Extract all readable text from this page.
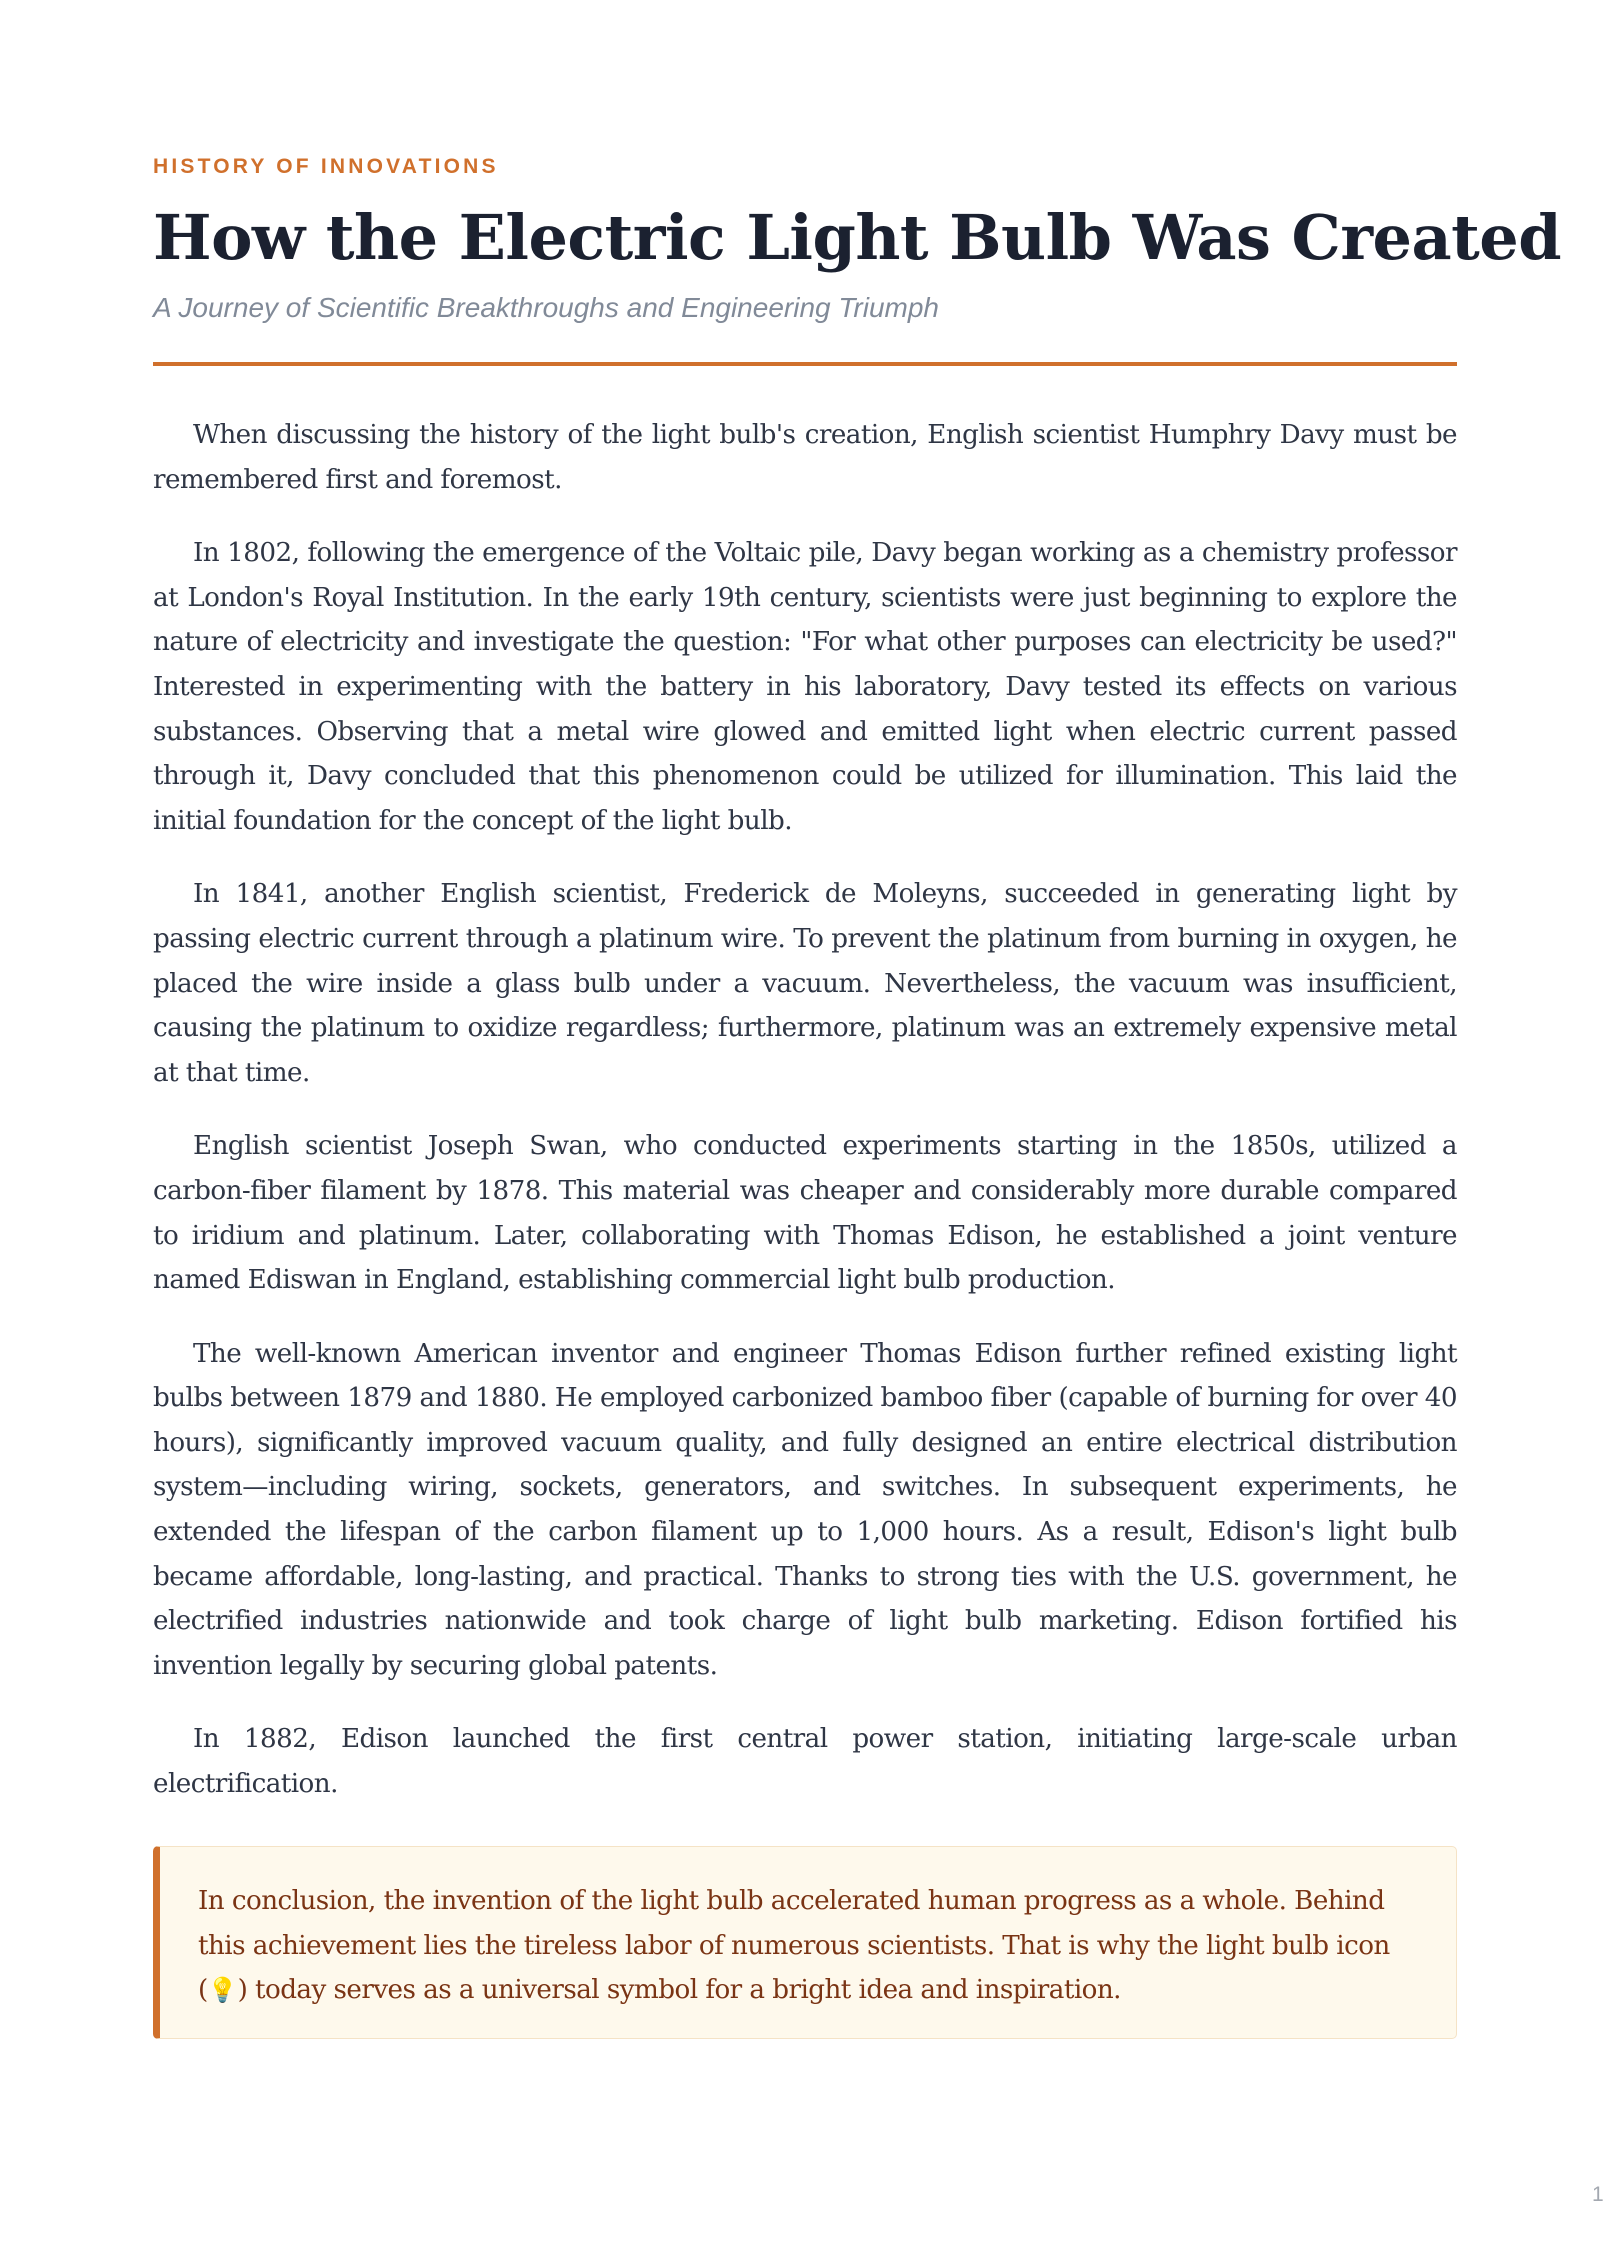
HISTORY OF INNOVATIONS
How the Electric Light Bulb Was Created
A Journey of Scientific Breakthroughs and Engineering Triumph

When discussing the history of the light bulb's creation, English scientist Humphry Davy must be remembered first and foremost.

In 1802, following the emergence of the Voltaic pile, Davy began working as a chemistry professor at London's Royal Institution. In the early 19th century, scientists were just beginning to explore the nature of electricity and investigate the question: "For what other purposes can electricity be used?" Interested in experimenting with the battery in his laboratory, Davy tested its effects on various substances. Observing that a metal wire glowed and emitted light when electric current passed through it, Davy concluded that this phenomenon could be utilized for illumination. This laid the initial foundation for the concept of the light bulb.

In 1841, another English scientist, Frederick de Moleyns, succeeded in generating light by passing electric current through a platinum wire. To prevent the platinum from burning in oxygen, he placed the wire inside a glass bulb under a vacuum. Nevertheless, the vacuum was insufficient, causing the platinum to oxidize regardless; furthermore, platinum was an extremely expensive metal at that time.

English scientist Joseph Swan, who conducted experiments starting in the 1850s, utilized a carbon-fiber filament by 1878. This material was cheaper and considerably more durable compared to iridium and platinum. Later, collaborating with Thomas Edison, he established a joint venture named Ediswan in England, establishing commercial light bulb production.

The well-known American inventor and engineer Thomas Edison further refined existing light bulbs between 1879 and 1880. He employed carbonized bamboo fiber (capable of burning for over 40 hours), significantly improved vacuum quality, and fully designed an entire electrical distribution system—including wiring, sockets, generators, and switches. In subsequent experiments, he extended the lifespan of the carbon filament up to 1,000 hours. As a result, Edison's light bulb became affordable, long-lasting, and practical. Thanks to strong ties with the U.S. government, he electrified industries nationwide and took charge of light bulb marketing. Edison fortified his invention legally by securing global patents.

In 1882, Edison launched the first central power station, initiating large-scale urban electrification.

In conclusion, the invention of the light bulb accelerated human progress as a whole. Behind this achievement lies the tireless labor of numerous scientists. That is why the light bulb icon (💡) today serves as a universal symbol for a bright idea and inspiration.

1
